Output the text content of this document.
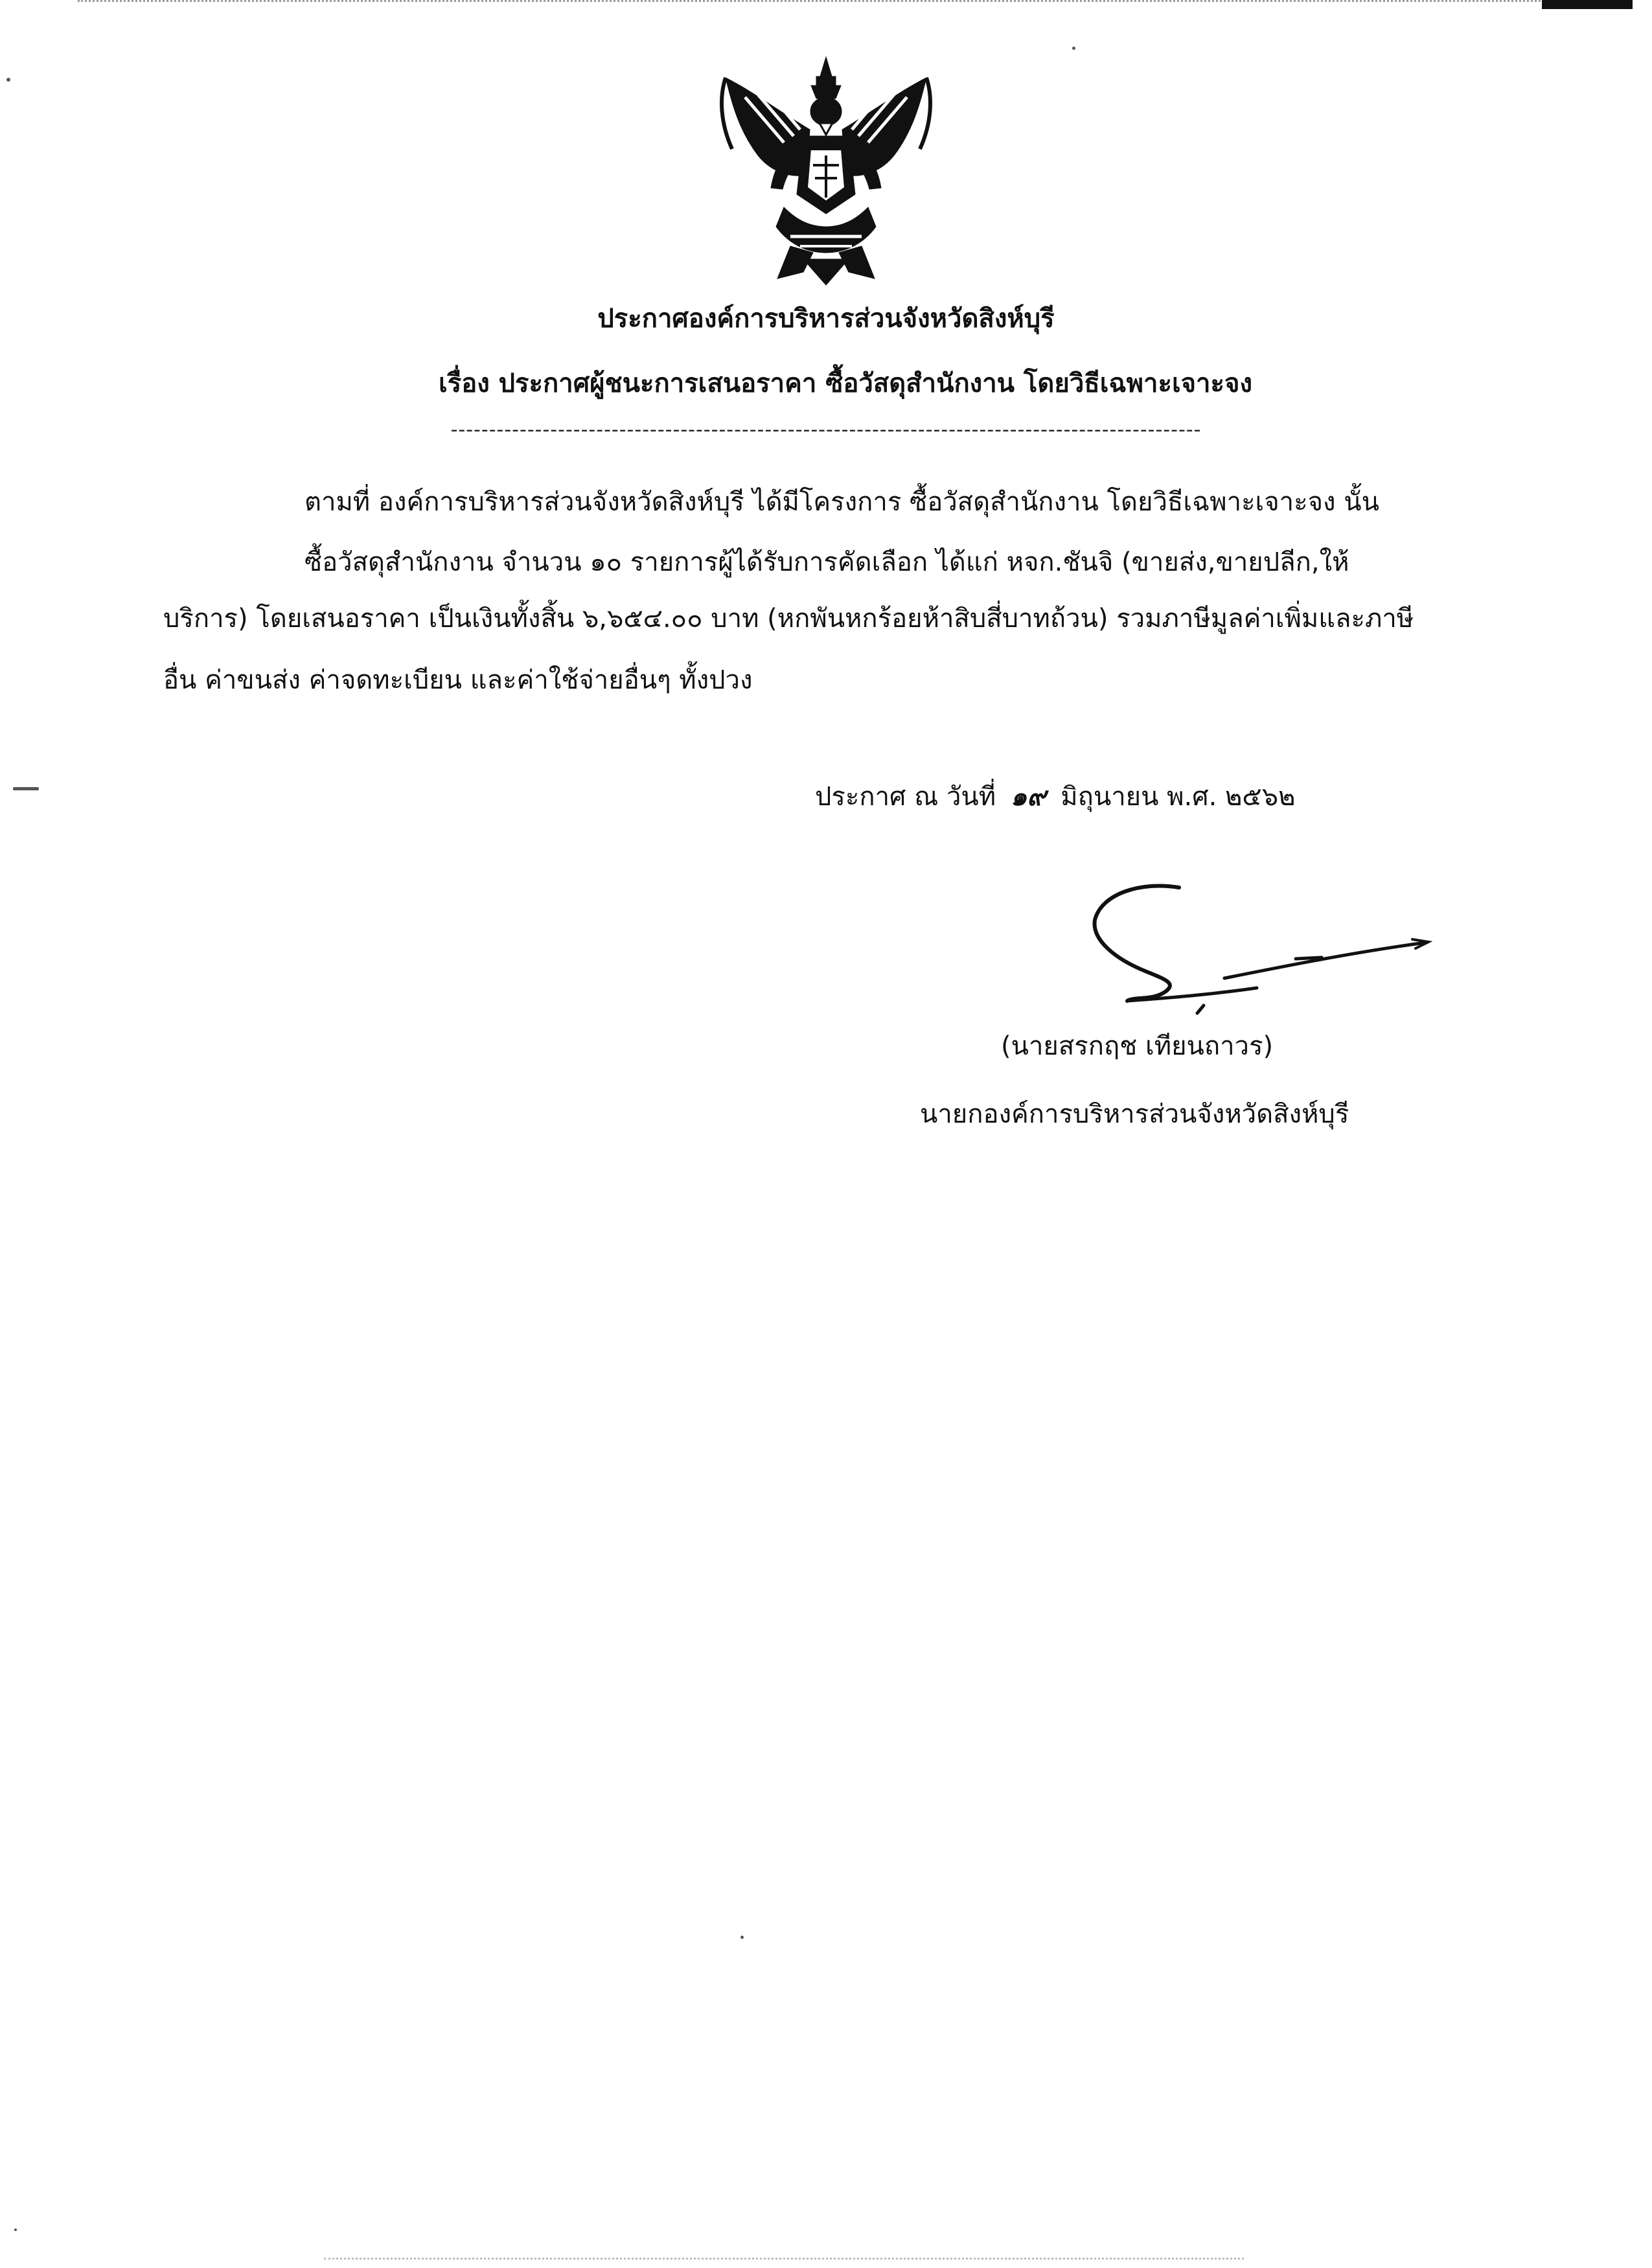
ประกาศองค์การบริหารส่วนจังหวัดสิงห์บุรี
เรื่อง ประกาศผู้ชนะการเสนอราคา ซื้อวัสดุสำนักงาน โดยวิธีเฉพาะเจาะจง
--------------------------------------------------------------------------------------------------
ตามที่ องค์การบริหารส่วนจังหวัดสิงห์บุรี ได้มีโครงการ ซื้อวัสดุสำนักงาน โดยวิธีเฉพาะเจาะจง นั้น
ซื้อวัสดุสำนักงาน จำนวน ๑๐ รายการผู้ได้รับการคัดเลือก ได้แก่ หจก.ชันจิ (ขายส่ง,ขายปลีก,ให้
บริการ) โดยเสนอราคา เป็นเงินทั้งสิ้น ๖,๖๕๔.๐๐ บาท (หกพันหกร้อยห้าสิบสี่บาทถ้วน) รวมภาษีมูลค่าเพิ่มและภาษี
อื่น ค่าขนส่ง ค่าจดทะเบียน และค่าใช้จ่ายอื่นๆ ทั้งปวง
ประกาศ ณ วันที่ ๑๙ มิถุนายน พ.ศ. ๒๕๖๒
(นายสรกฤช เทียนถาวร)
นายกองค์การบริหารส่วนจังหวัดสิงห์บุรี
